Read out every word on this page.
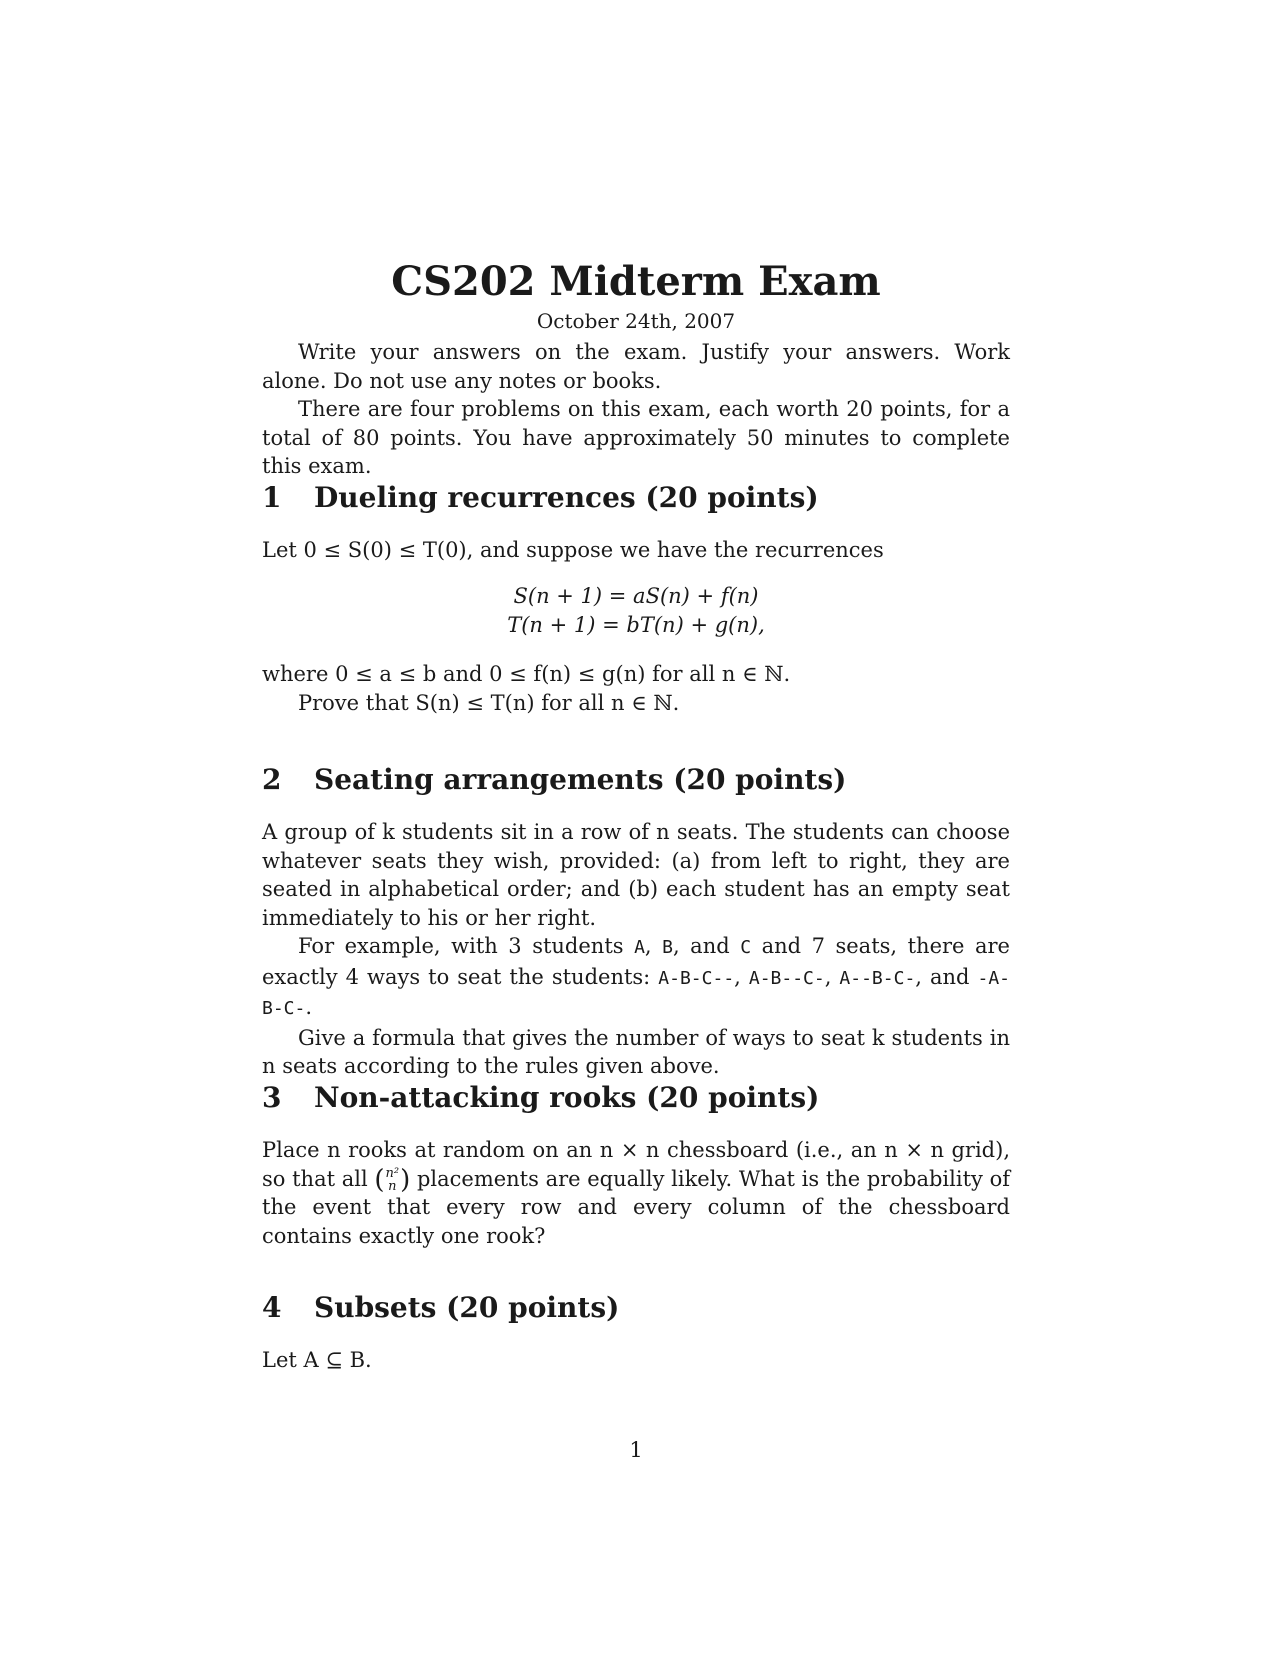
CS202 Midterm Exam
October 24th, 2007

Write your answers on the exam. Justify your answers. Work alone. Do not use any notes or books.

There are four problems on this exam, each worth 20 points, for a total of 80 points. You have approximately 50 minutes to complete this exam.

1 Dueling recurrences (20 points)
Let 0 ≤ S(0) ≤ T(0), and suppose we have the recurrences
S(n + 1) = aS(n) + f(n)
T(n + 1) = bT(n) + g(n),

where 0 ≤ a ≤ b and 0 ≤ f(n) ≤ g(n) for all n ∈ ℕ.

Prove that S(n) ≤ T(n) for all n ∈ ℕ.

2 Seating arrangements (20 points)

A group of k students sit in a row of n seats. The students can choose whatever seats they wish, provided: (a) from left to right, they are seated in alphabetical order; and (b) each student has an empty seat immediately to his or her right.

For example, with 3 students A, B, and C and 7 seats, there are exactly 4 ways to seat the students: A-B-C--, A-B--C-, A--B-C-, and -A-B-C-.

Give a formula that gives the number of ways to seat k students in n seats according to the rules given above.

3 Non-attacking rooks (20 points)

Place n rooks at random on an n × n chessboard (i.e., an n × n grid), so that all ( n²
n ) placements are equally likely. What is the probability of the event that every row and every column of the chessboard contains exactly one rook?

4 Subsets (20 points)
Let A ⊆ B.
1
